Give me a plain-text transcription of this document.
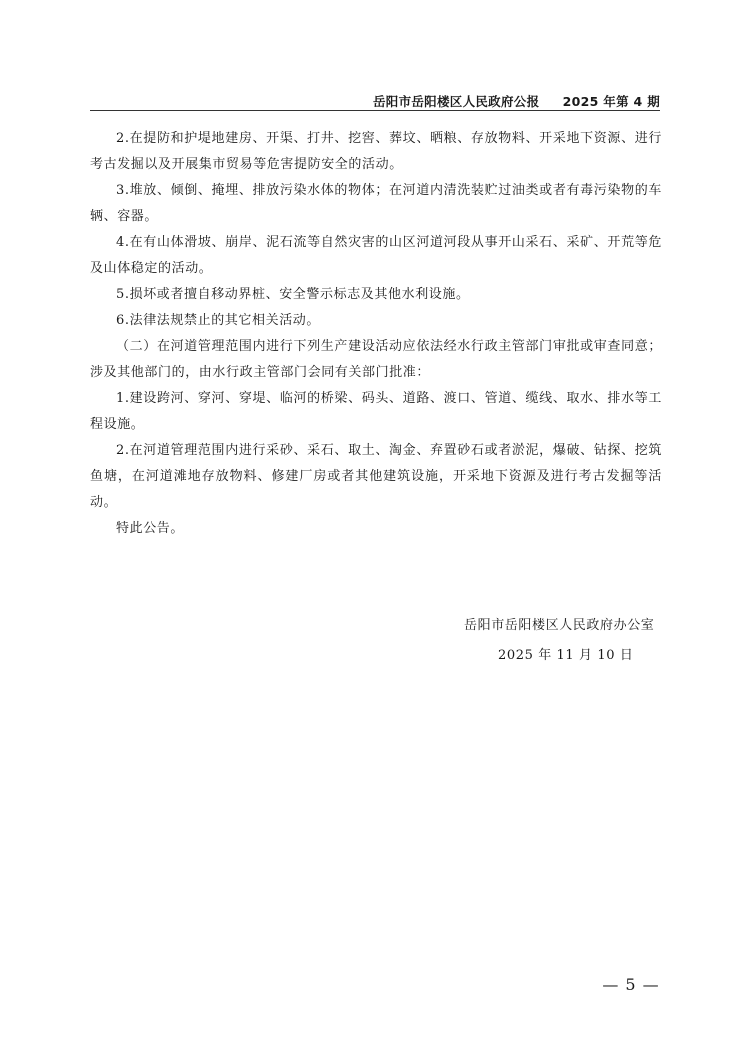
岳阳市岳阳楼区人民政府公报 2025 年第 4 期

2.在提防和护堤地建房、开渠、打井、挖窖、葬坟、晒粮、存放物料、开采地下资源、进行考古发掘以及开展集市贸易等危害提防安全的活动。

3.堆放、倾倒、掩埋、排放污染水体的物体；在河道内清洗装贮过油类或者有毒污染物的车辆、容器。

4.在有山体滑坡、崩岸、泥石流等自然灾害的山区河道河段从事开山采石、采矿、开荒等危及山体稳定的活动。

5.损坏或者擅自移动界桩、安全警示标志及其他水利设施。

6.法律法规禁止的其它相关活动。

（二）在河道管理范围内进行下列生产建设活动应依法经水行政主管部门审批或审查同意；涉及其他部门的，由水行政主管部门会同有关部门批准：

1.建设跨河、穿河、穿堤、临河的桥梁、码头、道路、渡口、管道、缆线、取水、排水等工程设施。

2.在河道管理范围内进行采砂、采石、取土、淘金、弃置砂石或者淤泥，爆破、钻探、挖筑鱼塘，在河道滩地存放物料、修建厂房或者其他建筑设施，开采地下资源及进行考古发掘等活动。

特此公告。

岳阳市岳阳楼区人民政府办公室
2025 年 11 月 10 日
— 5 —
